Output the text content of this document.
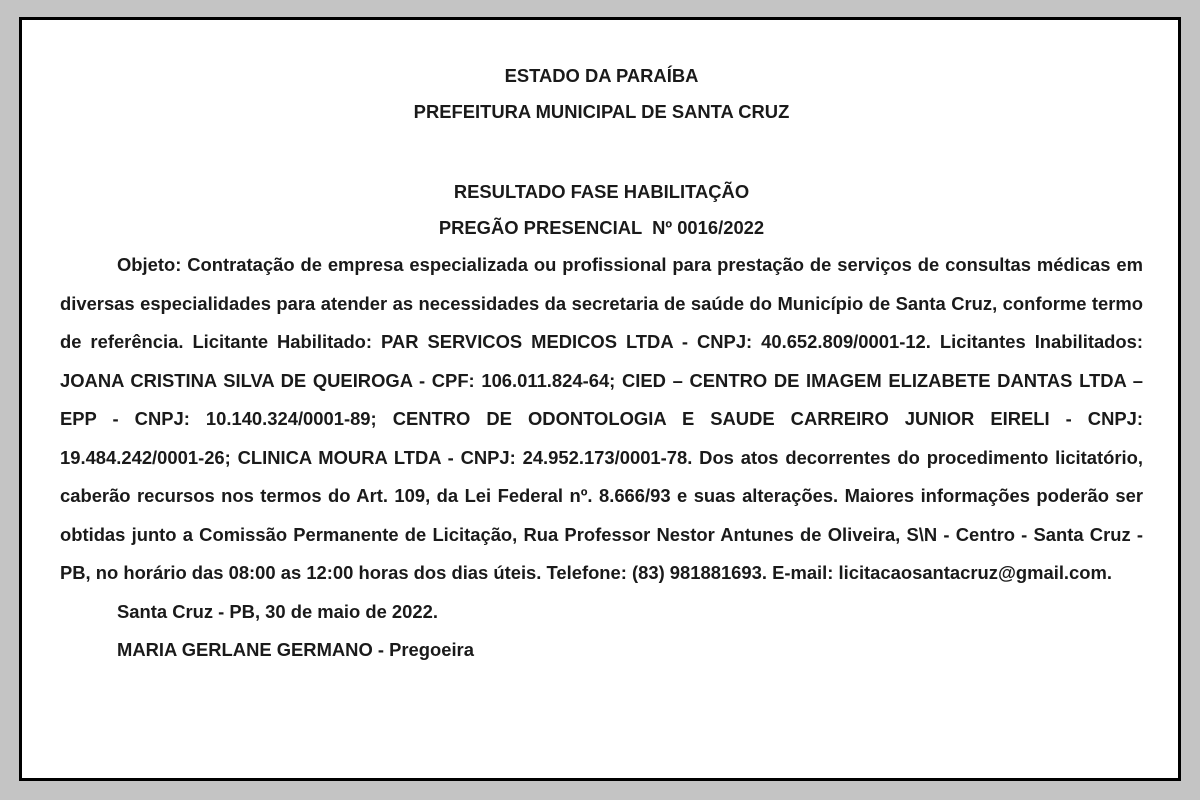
ESTADO DA PARAÍBA

PREFEITURA MUNICIPAL DE SANTA CRUZ

RESULTADO FASE HABILITAÇÃO

PREGÃO PRESENCIAL  Nº 0016/2022

Objeto: Contratação de empresa especializada ou profissional para prestação de serviços de consultas médicas em diversas especialidades para atender as necessidades da secretaria de saúde do Município de Santa Cruz, conforme termo de referência. Licitante Habilitado: PAR SERVICOS MEDICOS LTDA - CNPJ: 40.652.809/0001-12. Licitantes Inabilitados: JOANA CRISTINA SILVA DE QUEIROGA - CPF: 106.011.824-64; CIED – CENTRO DE IMAGEM ELIZABETE DANTAS LTDA – EPP - CNPJ: 10.140.324/0001-89; CENTRO DE ODONTOLOGIA E SAUDE CARREIRO JUNIOR EIRELI - CNPJ: 19.484.242/0001-26; CLINICA MOURA LTDA - CNPJ: 24.952.173/0001-78. Dos atos decorrentes do procedimento licitatório, caberão recursos nos termos do Art. 109, da Lei Federal nº. 8.666/93 e suas alterações. Maiores informações poderão ser obtidas junto a Comissão Permanente de Licitação, Rua Professor Nestor Antunes de Oliveira, S\N - Centro - Santa Cruz - PB, no horário das 08:00 as 12:00 horas dos dias úteis. Telefone: (83) 981881693. E-mail: licitacaosantacruz@gmail.com.

Santa Cruz - PB, 30 de maio de 2022.

MARIA GERLANE GERMANO - Pregoeira
